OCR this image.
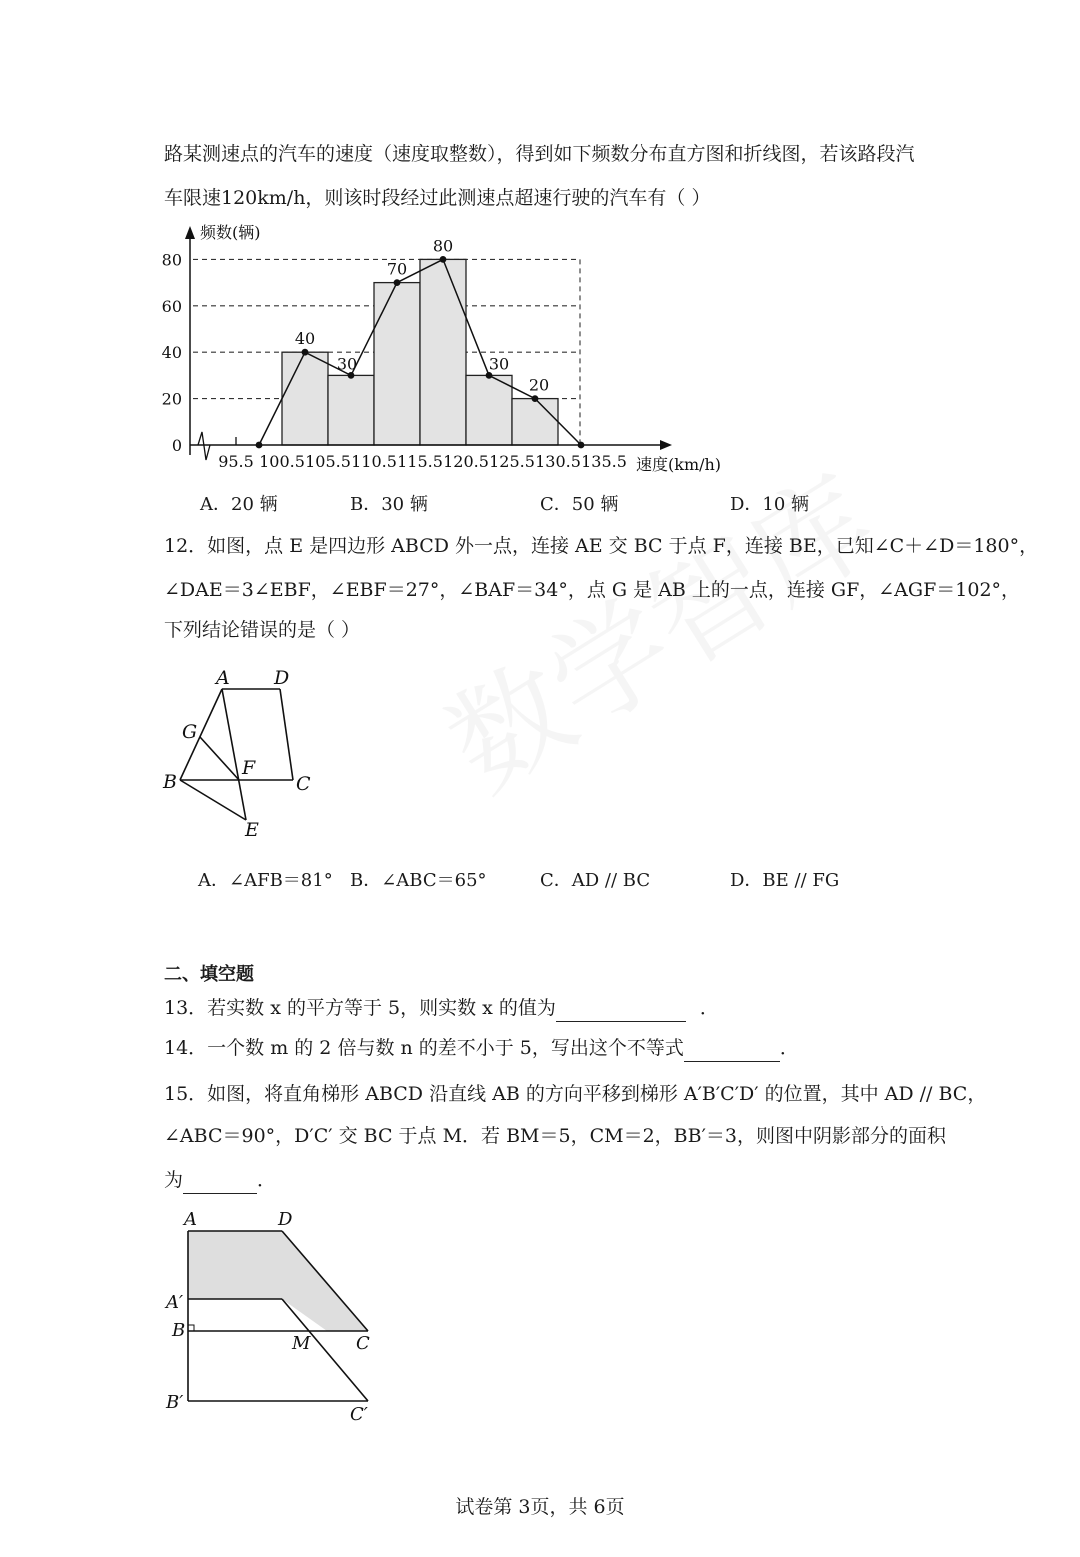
路某测速点的汽车的速度（速度取整数），得到如下频数分布直方图和折线图，若该路段汽
车限速120km/h，则该时段经过此测速点超速行驶的汽车有（ ）
0
20
40
60
80
95.5 100.5 105.5 110.5 115.5 120.5 125.5 130.5 135.5
频数(辆)
速度(km/h)
40
30
70
80
30
20
A．20 辆	B．30 辆	C．50 辆	D．10 辆
12．如图，点 E 是四边形 ABCD 外一点，连接 AE 交 BC 于点 F，连接 BE，已知∠C＋∠D＝180°，
∠DAE＝3∠EBF，∠EBF＝27°，∠BAF＝34°，点 G 是 AB 上的一点，连接 GF，∠AGF＝102°，
下列结论错误的是（ ）
A D
G
B
F
C
E
A．∠AFB＝81° B．∠ABC＝65°	C．AD // BC	D．BE // FG
二、填空题
13．若实数 x 的平方等于 5，则实数 x 的值为	．
14．一个数 m 的 2 倍与数 n 的差不小于 5，写出这个不等式	．
15．如图，将直角梯形 ABCD 沿直线 AB 的方向平移到梯形 A′B′C′D′ 的位置，其中 AD // BC，
∠ABC＝90°，D′C′ 交 BC 于点 M．若 BM＝5，CM＝2，BB′＝3，则图中阴影部分的面积
为	．
A	D
A′
B
M	C
B′
C′
试卷第 3页，共 6页
